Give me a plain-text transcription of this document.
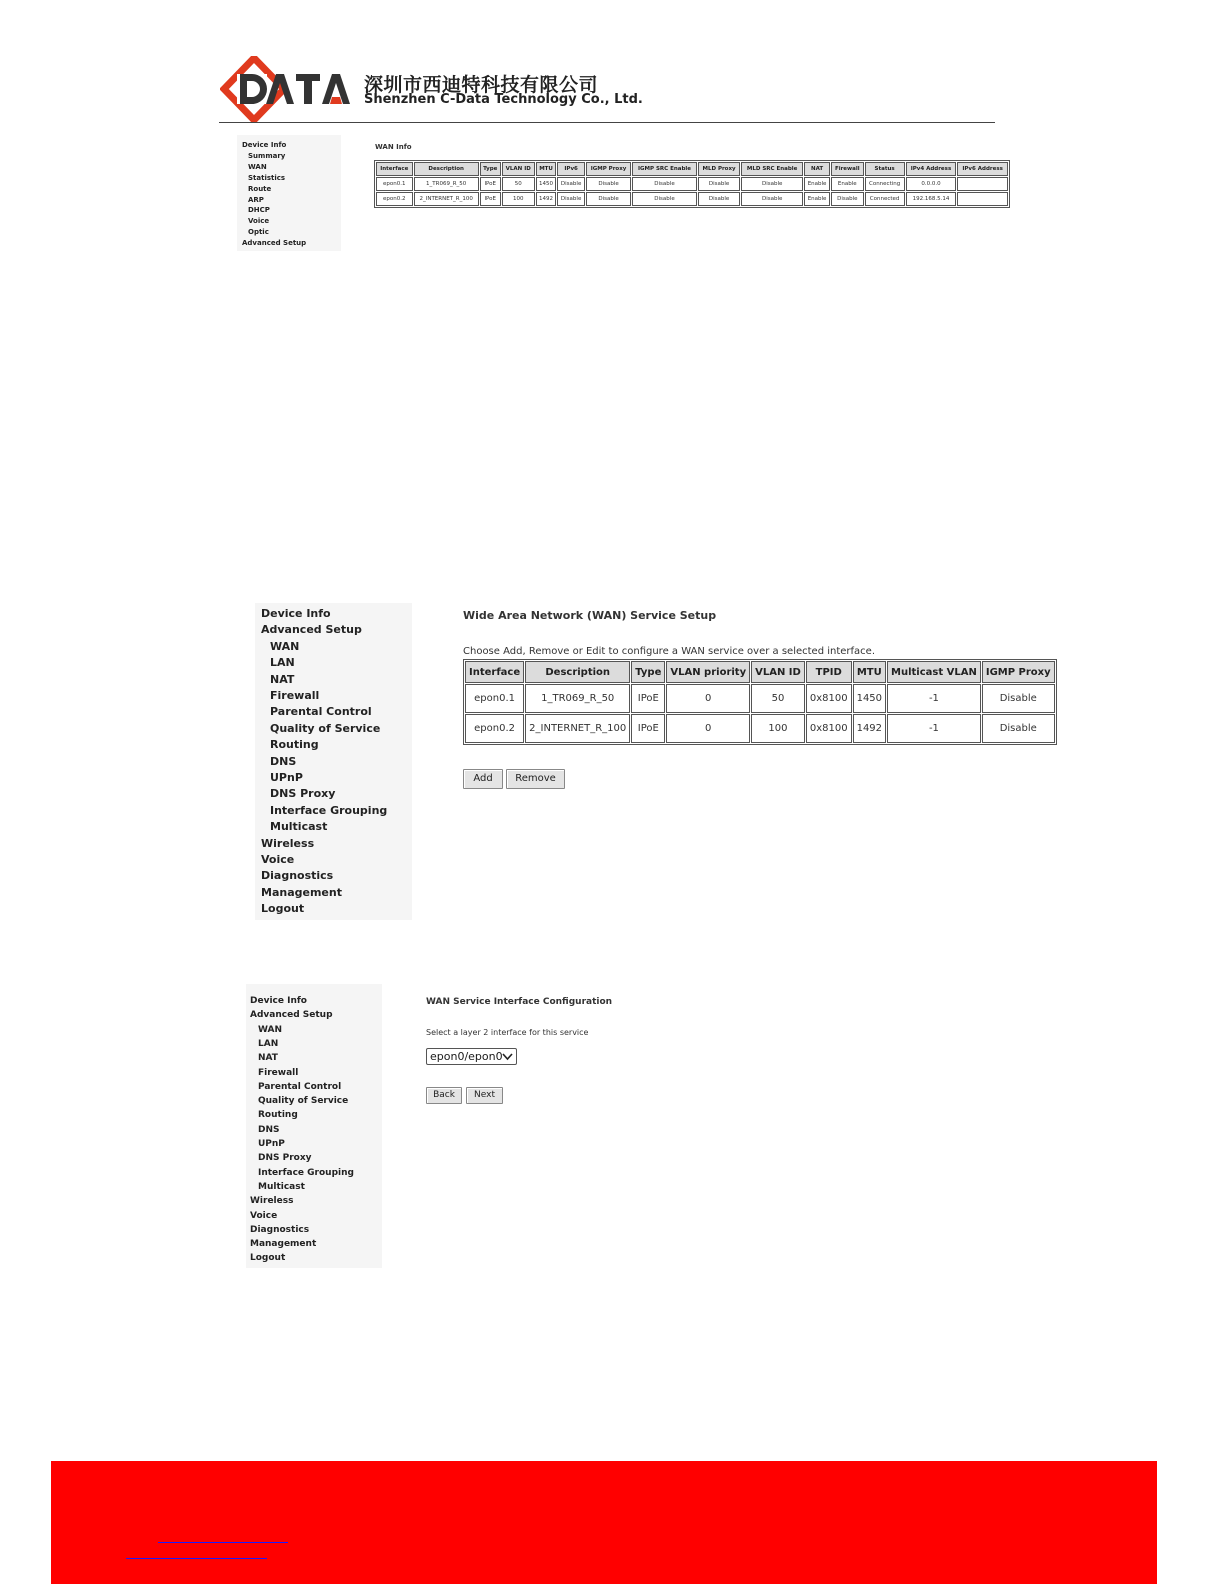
深圳市西迪特科技有限公司
Shenzhen C-Data Technology Co., Ltd.
Device Info
Summary
WAN
Statistics
Route
ARP
DHCP
Voice
Optic
Advanced Setup
WAN Info
Interface	Description	Type	VLAN ID	MTU	IPv6	IGMP Proxy	IGMP SRC Enable	MLD Proxy	MLD SRC Enable	NAT	Firewall	Status	IPv4 Address	IPv6 Address
epon0.1	1_TR069_R_50	IPoE	50	1450	Disable	Disable	Disable	Disable	Disable	Enable	Enable	Connecting	0.0.0.0	
epon0.2	2_INTERNET_R_100	IPoE	100	1492	Disable	Disable	Disable	Disable	Disable	Enable	Disable	Connected	192.168.5.14	
Device Info
Advanced Setup
WAN
LAN
NAT
Firewall
Parental Control
Quality of Service
Routing
DNS
UPnP
DNS Proxy
Interface Grouping
Multicast
Wireless
Voice
Diagnostics
Management
Logout
Wide Area Network (WAN) Service Setup
Choose Add, Remove or Edit to configure a WAN service over a selected interface.
Interface	Description	Type	VLAN priority	VLAN ID	TPID	MTU	Multicast VLAN	IGMP Proxy
epon0.1	1_TR069_R_50	IPoE	0	50	0x8100	1450	-1	Disable
epon0.2	2_INTERNET_R_100	IPoE	0	100	0x8100	1492	-1	Disable
Add	Remove
Device Info
Advanced Setup
WAN
LAN
NAT
Firewall
Parental Control
Quality of Service
Routing
DNS
UPnP
DNS Proxy
Interface Grouping
Multicast
Wireless
Voice
Diagnostics
Management
Logout
WAN Service Interface Configuration
Select a layer 2 interface for this service
epon0/epon0
Back	Next
